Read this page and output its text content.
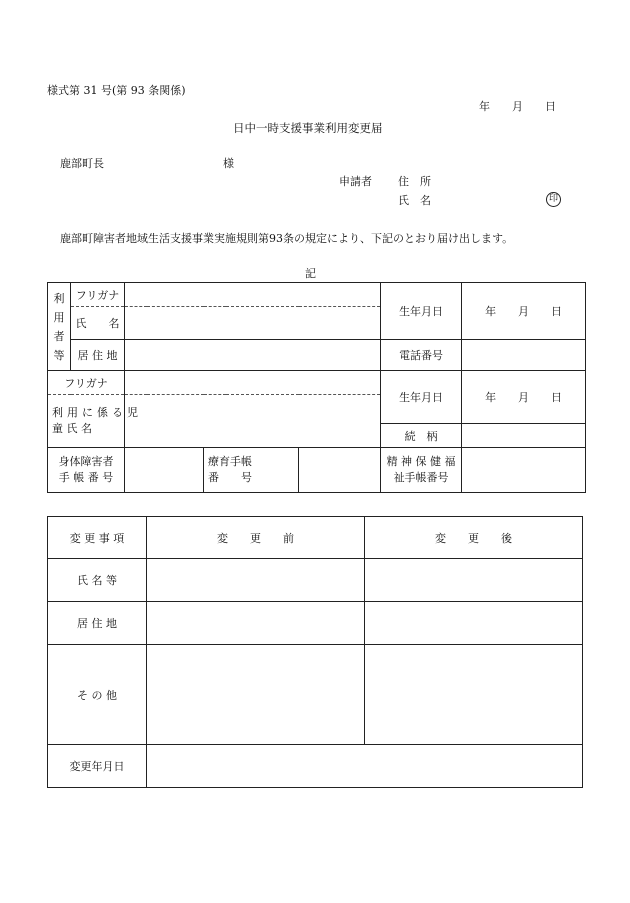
様式第 31 号(第 93 条関係)
年　　月　　日
日中一時支援事業利用変更届
鹿部町長	様
申請者 住　所
氏　名	印
鹿部町障害者地域生活支援事業実施規則第93条の規定により、下記のとおり届け出します。
記
利用者等	フリガナ				生年月日	年　　月　　日
	氏　　名					
	居 住 地				電話番号	
フリガナ					生年月日	年　　月　　日
利 用 に 係 る 児 童 氏 名						
					続　柄	
身体障害者 手 帳 番 号			療育手帳 番　　号		精 神 保 健 福祉手帳番号	
変 更 事 項	変　　更　　前	変　　更　　後
氏 名 等		
居 住 地		
そ の 他		
変更年月日		
